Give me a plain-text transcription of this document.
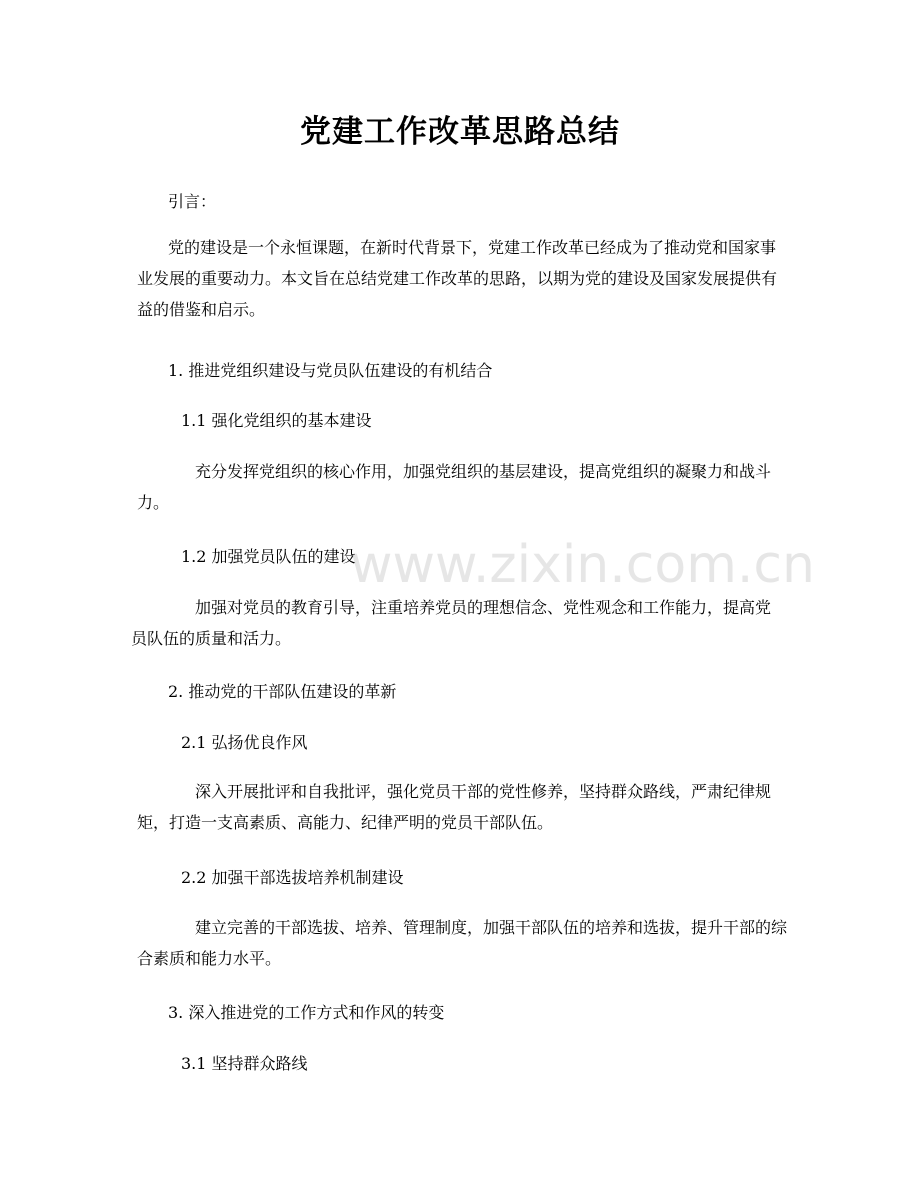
党建工作改革思路总结
引言：
党的建设是一个永恒课题，在新时代背景下，党建工作改革已经成为了推动党和国家事业发展的重要动力。本文旨在总结党建工作改革的思路，以期为党的建设及国家发展提供有益的借鉴和启示。
1. 推进党组织建设与党员队伍建设的有机结合
1.1 强化党组织的基本建设
充分发挥党组织的核心作用，加强党组织的基层建设，提高党组织的凝聚力和战斗力。
1.2 加强党员队伍的建设
加强对党员的教育引导，注重培养党员的理想信念、党性观念和工作能力，提高党员队伍的质量和活力。
2. 推动党的干部队伍建设的革新
2.1 弘扬优良作风
深入开展批评和自我批评，强化党员干部的党性修养，坚持群众路线，严肃纪律规矩，打造一支高素质、高能力、纪律严明的党员干部队伍。
2.2 加强干部选拔培养机制建设
建立完善的干部选拔、培养、管理制度，加强干部队伍的培养和选拔，提升干部的综合素质和能力水平。
3. 深入推进党的工作方式和作风的转变
3.1 坚持群众路线
www.zixin.com.cn
